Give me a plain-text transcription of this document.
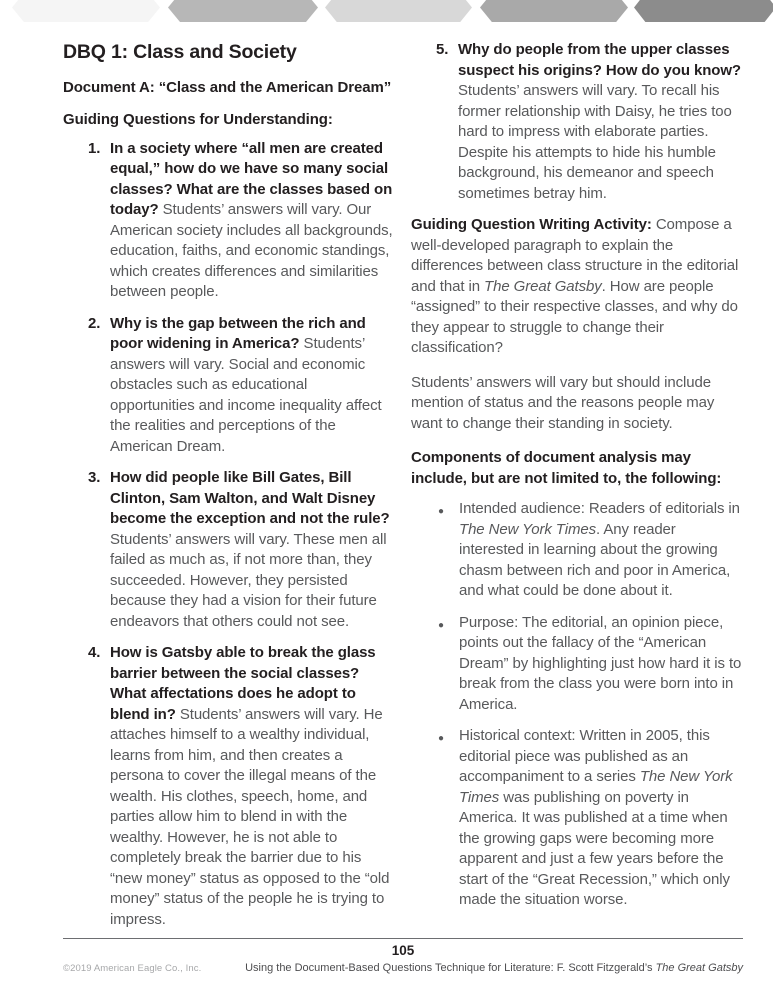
DBQ 1: Class and Society
Document A: “Class and the American Dream”
Guiding Questions for Understanding:
1. In a society where “all men are created equal,” how do we have so many social classes? What are the classes based on today? Students’ answers will vary. Our American society includes all backgrounds, education, faiths, and economic standings, which creates differences and similarities between people.
2. Why is the gap between the rich and poor widening in America? Students’ answers will vary. Social and economic obstacles such as educational opportunities and income inequality affect the realities and perceptions of the American Dream.
3. How did people like Bill Gates, Bill Clinton, Sam Walton, and Walt Disney become the exception and not the rule? Students’ answers will vary. These men all failed as much as, if not more than, they succeeded. However, they persisted because they had a vision for their future endeavors that others could not see.
4. How is Gatsby able to break the glass barrier between the social classes? What affectations does he adopt to blend in? Students’ answers will vary. He attaches himself to a wealthy individual, learns from him, and then creates a persona to cover the illegal means of the wealth. His clothes, speech, home, and parties allow him to blend in with the wealthy. However, he is not able to completely break the barrier due to his “new money” status as opposed to the “old money” status of the people he is trying to impress.
5. Why do people from the upper classes suspect his origins? How do you know? Students’ answers will vary. To recall his former relationship with Daisy, he tries too hard to impress with elaborate parties. Despite his attempts to hide his humble background, his demeanor and speech sometimes betray him.

Guiding Question Writing Activity: Compose a well-developed paragraph to explain the differences between class structure in the editorial and that in The Great Gatsby. How are people “assigned” to their respective classes, and why do they appear to struggle to change their classification?

Students’ answers will vary but should include mention of status and the reasons people may want to change their standing in society.

Components of document analysis may include, but are not limited to, the following:
●	Intended audience: Readers of editorials in The New York Times. Any reader interested in learning about the growing chasm between rich and poor in America, and what could be done about it.
●	Purpose: The editorial, an opinion piece, points out the fallacy of the “American Dream” by highlighting just how hard it is to break from the class you were born into in America.
●	Historical context: Written in 2005, this editorial piece was published as an accompaniment to a series The New York Times was publishing on poverty in America. It was published at a time when the growing gaps were becoming more apparent and just a few years before the start of the “Great Recession,” which only made the situation worse.
105
©2019 American Eagle Co., Inc.	Using the Document-Based Questions Technique for Literature: F. Scott Fitzgerald’s The Great Gatsby
